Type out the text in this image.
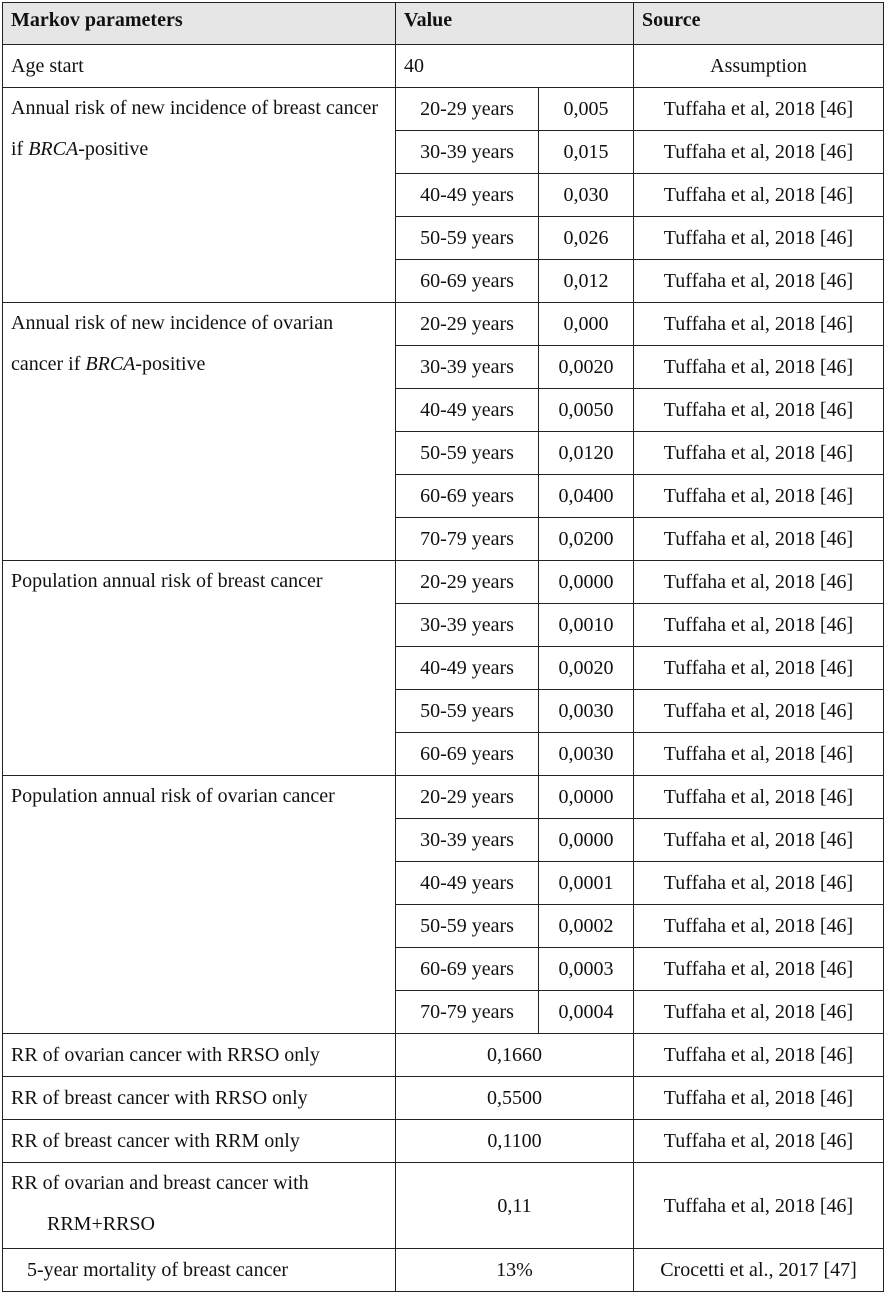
Markov parameters	Value		Source
Age start	40		Assumption
Annual risk of new incidence of breast cancer if BRCA-positive	20-29 years	0,005	Tuffaha et al, 2018 [46]
	30-39 years	0,015	Tuffaha et al, 2018 [46]
	40-49 years	0,030	Tuffaha et al, 2018 [46]
	50-59 years	0,026	Tuffaha et al, 2018 [46]
	60-69 years	0,012	Tuffaha et al, 2018 [46]
Annual risk of new incidence of ovarian cancer if BRCA-positive	20-29 years	0,000	Tuffaha et al, 2018 [46]
	30-39 years	0,0020	Tuffaha et al, 2018 [46]
	40-49 years	0,0050	Tuffaha et al, 2018 [46]
	50-59 years	0,0120	Tuffaha et al, 2018 [46]
	60-69 years	0,0400	Tuffaha et al, 2018 [46]
	70-79 years	0,0200	Tuffaha et al, 2018 [46]
Population annual risk of breast cancer	20-29 years	0,0000	Tuffaha et al, 2018 [46]
	30-39 years	0,0010	Tuffaha et al, 2018 [46]
	40-49 years	0,0020	Tuffaha et al, 2018 [46]
	50-59 years	0,0030	Tuffaha et al, 2018 [46]
	60-69 years	0,0030	Tuffaha et al, 2018 [46]
Population annual risk of ovarian cancer	20-29 years	0,0000	Tuffaha et al, 2018 [46]
	30-39 years	0,0000	Tuffaha et al, 2018 [46]
	40-49 years	0,0001	Tuffaha et al, 2018 [46]
	50-59 years	0,0002	Tuffaha et al, 2018 [46]
	60-69 years	0,0003	Tuffaha et al, 2018 [46]
	70-79 years	0,0004	Tuffaha et al, 2018 [46]
RR of ovarian cancer with RRSO only	0,1660		Tuffaha et al, 2018 [46]
RR of breast cancer with RRSO only	0,5500		Tuffaha et al, 2018 [46]
RR of breast cancer with RRM only	0,1100		Tuffaha et al, 2018 [46]

RR of ovarian and breast cancer with
RRM+RRSO	0,11		Tuffaha et al, 2018 [46]
5-year mortality of breast cancer	13%		Crocetti et al., 2017 [47]
